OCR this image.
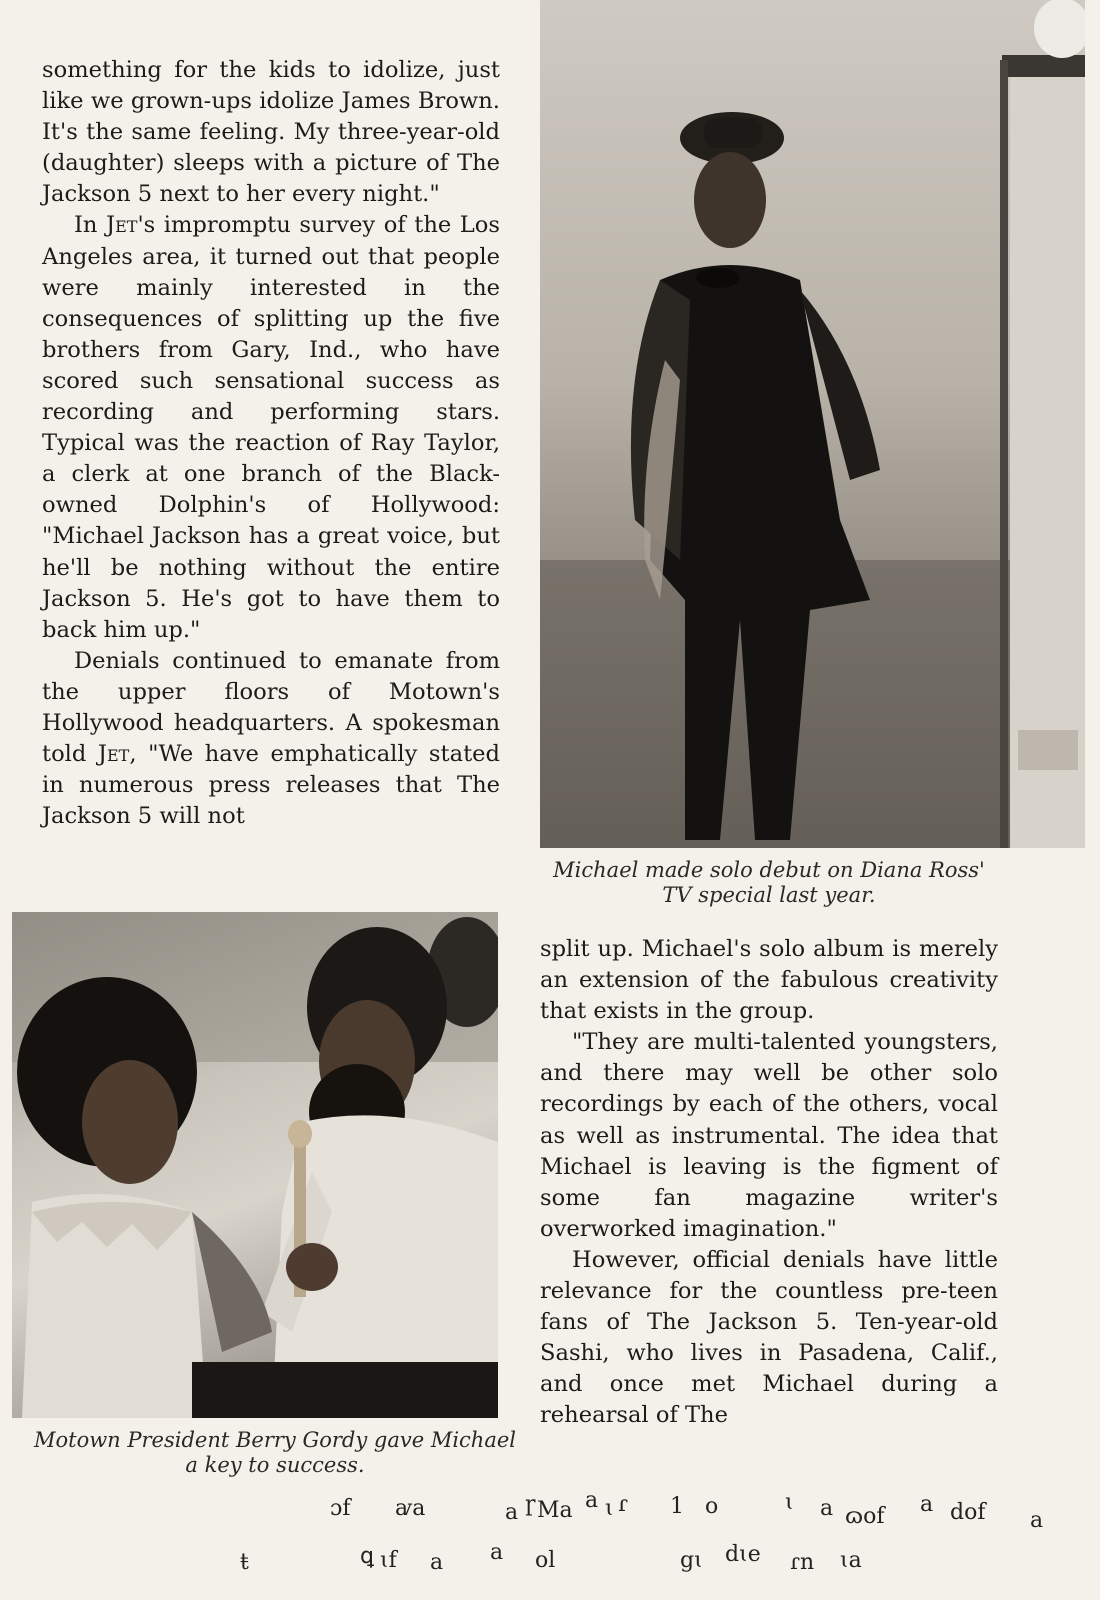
something for the kids to idolize, just like we grown-ups idolize James Brown. It's the same feeling. My three-year-old (daughter) sleeps with a picture of The Jackson 5 next to her every night."

In Jet's impromptu survey of the Los Angeles area, it turned out that people were mainly interested in the consequences of splitting up the five brothers from Gary, Ind., who have scored such sensational success as recording and performing stars. Typical was the reaction of Ray Taylor, a clerk at one branch of the Black-owned Dolphin's of Hollywood: "Michael Jackson has a great voice, but he'll be nothing without the entire Jackson 5. He's got to have them to back him up."

Denials continued to emanate from the upper floors of Motown's Hollywood headquarters. A spokesman told Jet, "We have emphatically stated in numerous press releases that The Jackson 5 will not

Michael made solo debut on Diana Ross' TV special last year.
Motown President Berry Gordy gave Michael a key to success.

split up. Michael's solo album is merely an extension of the fabulous creativity that exists in the group.

"They are multi-talented youngsters, and there may well be other solo recordings by each of the others, vocal as well as instrumental. The idea that Michael is leaving is the figment of some fan magazine writer's overworked imagination."

However, official denials have little relevance for the countless pre-teen fans of The Jackson 5. Ten-year-old Sashi, who lives in Pasadena, Calif., and once met Michael during a rehearsal of The

ɔf ꜹa	a ɼ Ma a ɩ ɾ 1 o	ɩ a ɷof a dof a
ŧ	ꝗ ɩf a a ol	gɩ dɩe ɾn ɩa
